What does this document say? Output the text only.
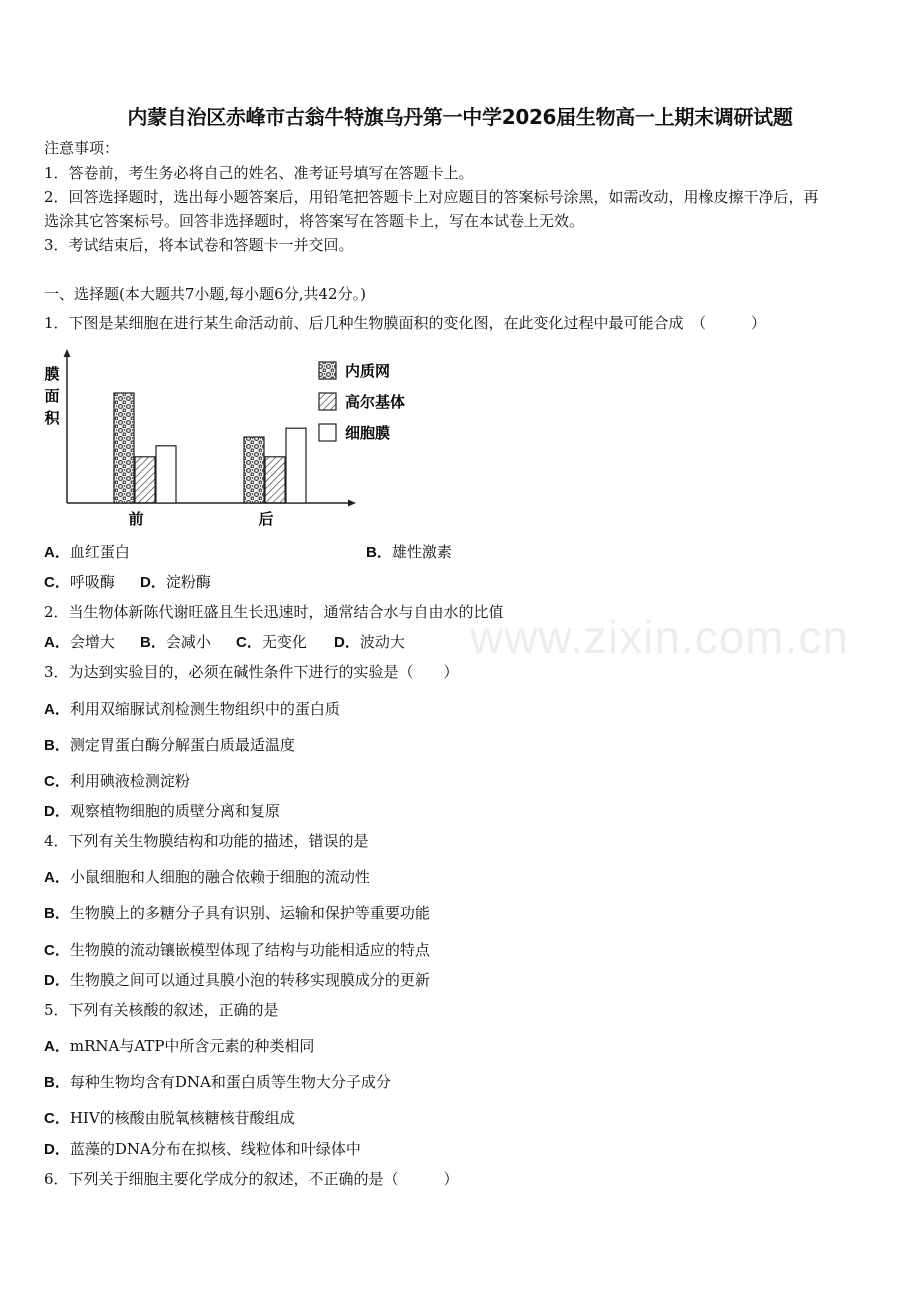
www.zixin.com.cn
内蒙自治区赤峰市古翁牛特旗乌丹第一中学2026届生物高一上期末调研试题
注意事项：
1．答卷前，考生务必将自己的姓名、准考证号填写在答题卡上。
2．回答选择题时，选出每小题答案后，用铅笔把答题卡上对应题目的答案标号涂黑，如需改动，用橡皮擦干净后，再
选涂其它答案标号。回答非选择题时，将答案写在答题卡上，写在本试卷上无效。
3．考试结束后，将本试卷和答题卡一并交回。
一、选择题(本大题共7小题,每小题6分,共42分。)
1．下图是某细胞在进行某生命活动前、后几种生物膜面积的变化图，在此变化过程中最可能合成　（　　　）
膜
面
积
前	后
内质网
高尔基体
细胞膜
A．血红蛋白	B．雄性激素
C．呼吸酶 D．淀粉酶
2．当生物体新陈代谢旺盛且生长迅速时，通常结合水与自由水的比值
A．会增大 B．会减小 C．无变化 D．波动大
3．为达到实验目的，必须在碱性条件下进行的实验是（　　）
A．利用双缩脲试剂检测生物组织中的蛋白质
B．测定胃蛋白酶分解蛋白质最适温度
C．利用碘液检测淀粉
D．观察植物细胞的质壁分离和复原
4．下列有关生物膜结构和功能的描述，错误的是
A．小鼠细胞和人细胞的融合依赖于细胞的流动性
B．生物膜上的多糖分子具有识别、运输和保护等重要功能
C．生物膜的流动镶嵌模型体现了结构与功能相适应的特点
D．生物膜之间可以通过具膜小泡的转移实现膜成分的更新
5．下列有关核酸的叙述，正确的是
A．mRNA与ATP中所含元素的种类相同
B．每种生物均含有DNA和蛋白质等生物大分子成分
C．HIV的核酸由脱氧核糖核苷酸组成
D．蓝藻的DNA分布在拟核、线粒体和叶绿体中
6．下列关于细胞主要化学成分的叙述，不正确的是（　　　）
